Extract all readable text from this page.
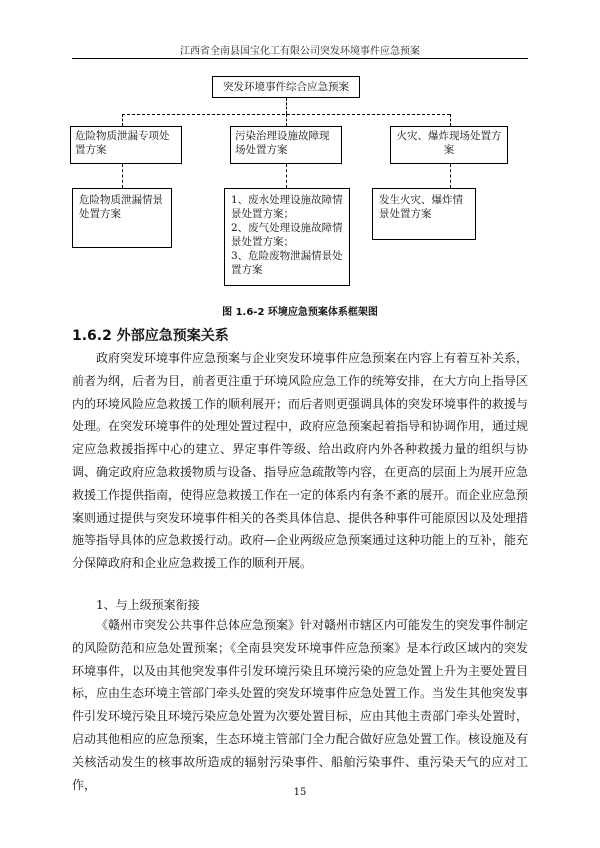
江西省全南县国宝化工有限公司突发环境事件应急预案
突发环境事件综合应急预案
危险物质泄漏专项处置方案
污染治理设施故障现场处置方案
火灾、爆炸现场处置方案
危险物质泄漏情景处置方案
1、废水处理设施故障情景处置方案；
2、废气处理设施故障情景处置方案；
3、危险废物泄漏情景处置方案
发生火灾、爆炸情景处置方案
图 1.6-2 环境应急预案体系框架图
1.6.2 外部应急预案关系

政府突发环境事件应急预案与企业突发环境事件应急预案在内容上有着互补关系，前者为纲，后者为目，前者更注重于环境风险应急工作的统筹安排，在大方向上指导区内的环境风险应急救援工作的顺利展开；而后者则更强调具体的突发环境事件的救援与处理。在突发环境事件的处理处置过程中，政府应急预案起着指导和协调作用，通过规定应急救援指挥中心的建立、界定事件等级、给出政府内外各种救援力量的组织与协调、确定政府应急救援物质与设备、指导应急疏散等内容，在更高的层面上为展开应急救援工作提供指南，使得应急救援工作在一定的体系内有条不紊的展开。而企业应急预案则通过提供与突发环境事件相关的各类具体信息、提供各种事件可能原因以及处理措施等指导具体的应急救援行动。政府—企业两级应急预案通过这种功能上的互补，能充分保障政府和企业应急救援工作的顺利开展。

1、与上级预案衔接

《赣州市突发公共事件总体应急预案》针对赣州市辖区内可能发生的突发事件制定的风险防范和应急处置预案；《全南县突发环境事件应急预案》是本行政区域内的突发环境事件，以及由其他突发事件引发环境污染且环境污染的应急处置上升为主要处置目标，应由生态环境主管部门牵头处置的突发环境事件应急处置工作。当发生其他突发事件引发环境污染且环境污染应急处置为次要处置目标，应由其他主责部门牵头处置时，启动其他相应的应急预案，生态环境主管部门全力配合做好应急处置工作。核设施及有关核活动发生的核事故所造成的辐射污染事件、船舶污染事件、重污染天气的应对工作，

15
